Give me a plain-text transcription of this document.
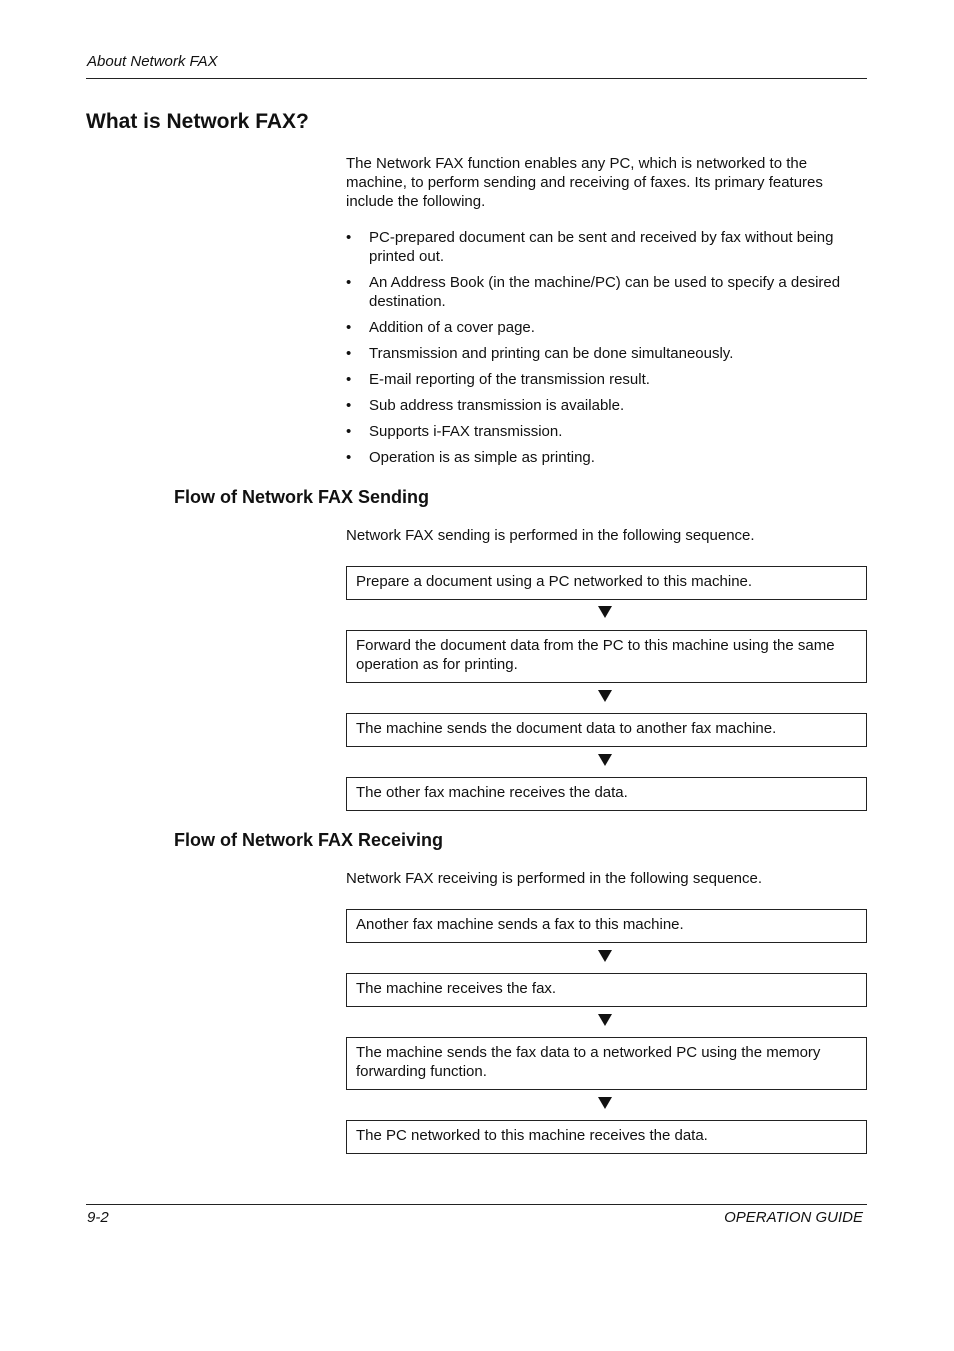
About Network FAX
What is Network FAX?

The Network FAX function enables any PC, which is networked to the machine, to perform sending and receiving of faxes. Its primary features include the following.

• PC-prepared document can be sent and received by fax without being printed out.
• An Address Book (in the machine/PC) can be used to specify a desired destination.
• Addition of a cover page.
• Transmission and printing can be done simultaneously.
• E-mail reporting of the transmission result.
• Sub address transmission is available.
• Supports i-FAX transmission.
• Operation is as simple as printing.
Flow of Network FAX Sending

Network FAX sending is performed in the following sequence.

Prepare a document using a PC networked to this machine.
Forward the document data from the PC to this machine using the same operation as for printing.
The machine sends the document data to another fax machine.
The other fax machine receives the data.
Flow of Network FAX Receiving

Network FAX receiving is performed in the following sequence.

Another fax machine sends a fax to this machine.
The machine receives the fax.
The machine sends the fax data to a networked PC using the memory forwarding function.
The PC networked to this machine receives the data.
9-2	OPERATION GUIDE
